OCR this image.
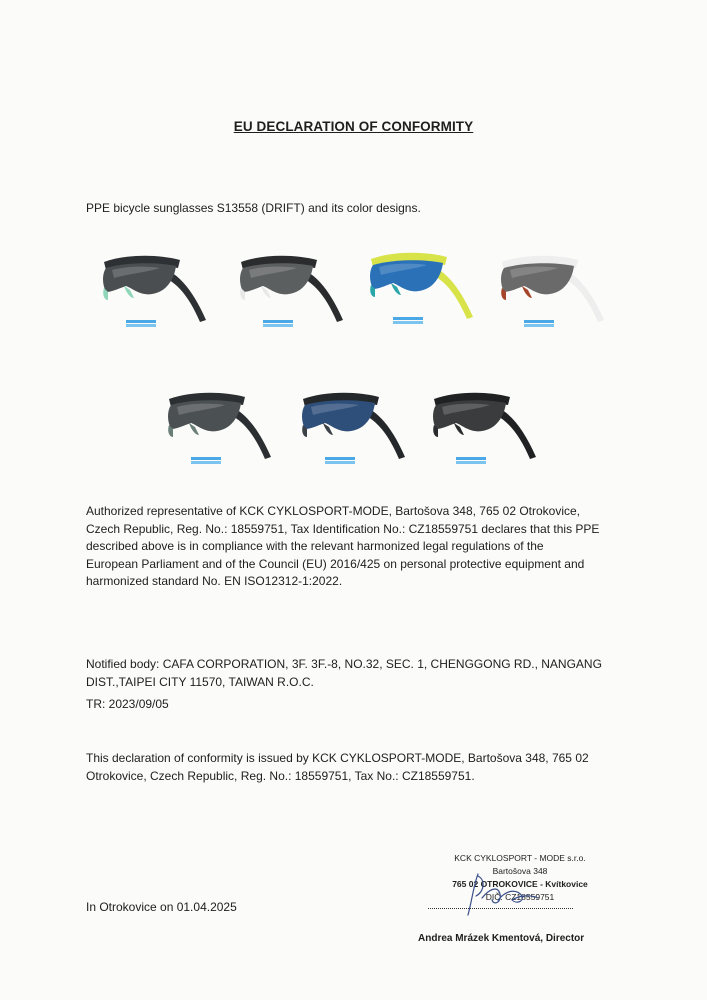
EU DECLARATION OF CONFORMITY
PPE bicycle sunglasses S13558 (DRIFT) and its color designs.
Authorized representative of KCK CYKLOSPORT-MODE, Bartošova 348, 765 02 Otrokovice,
Czech Republic, Reg. No.: 18559751, Tax Identification No.: CZ18559751 declares that this PPE
described above is in compliance with the relevant harmonized legal regulations of the
European Parliament and of the Council (EU) 2016/425 on personal protective equipment and
harmonized standard No. EN ISO12312-1:2022.
Notified body: CAFA CORPORATION, 3F. 3F.-8, NO.32, SEC. 1, CHENGGONG RD., NANGANG
DIST.,TAIPEI CITY 11570, TAIWAN R.O.C.
TR: 2023/09/05
This declaration of conformity is issued by KCK CYKLOSPORT-MODE, Bartošova 348, 765 02
Otrokovice, Czech Republic, Reg. No.: 18559751, Tax No.: CZ18559751.
In Otrokovice on 01.04.2025
KCK CYKLOSPORT - MODE s.r.o.
Bartošova 348
765 02 OTROKOVICE - Kvítkovice
DIČ: CZ18559751
Andrea Mrázek Kmentová, Director
